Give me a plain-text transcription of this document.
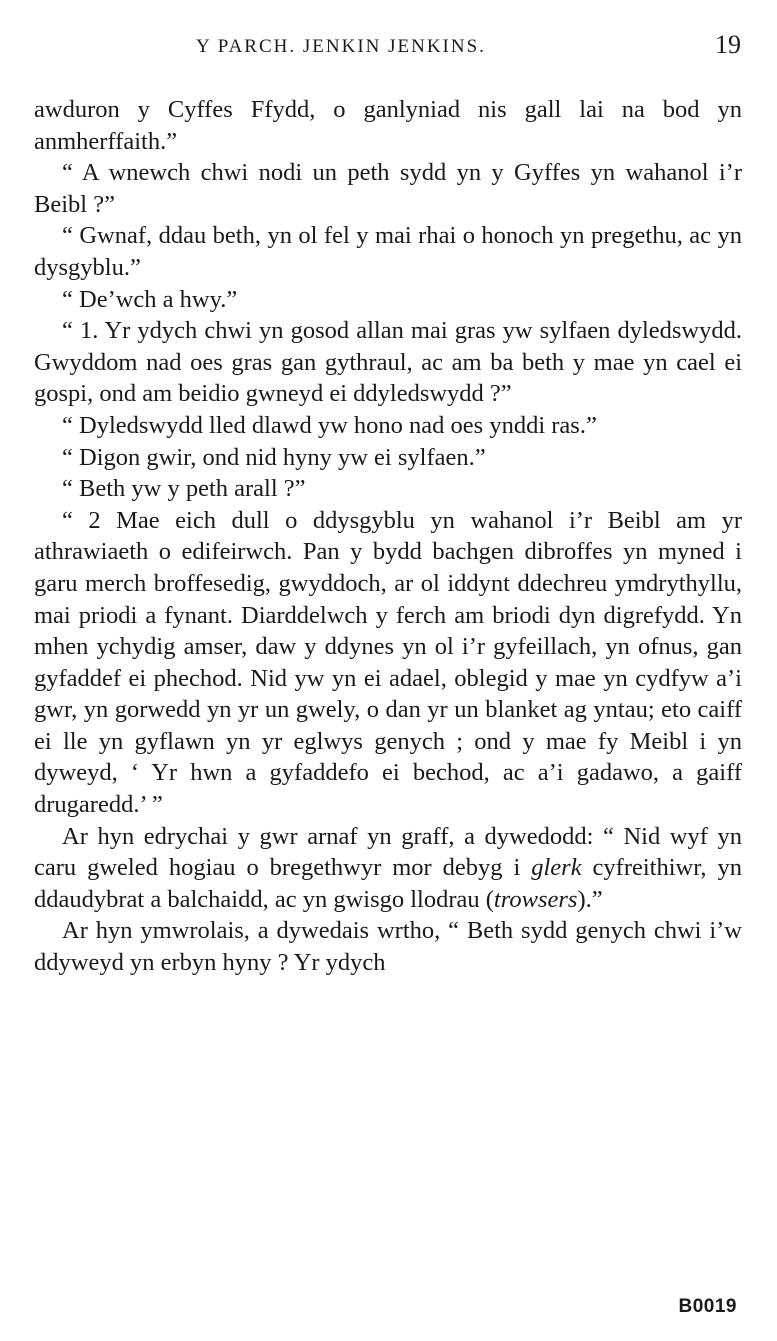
Y PARCH. JENKIN JENKINS.	19

awduron y Cyffes Ffydd, o ganlyniad nis gall lai na bod yn anmherffaith.”

“ A wnewch chwi nodi un peth sydd yn y Gyffes yn wahanol i’r Beibl ?”

“ Gwnaf, ddau beth, yn ol fel y mai rhai o honoch yn pregethu, ac yn dysgyblu.”

“ De’wch a hwy.”

“ 1. Yr ydych chwi yn gosod allan mai gras yw sylfaen dyledswydd. Gwyddom nad oes gras gan gythraul, ac am ba beth y mae yn cael ei gospi, ond am beidio gwneyd ei ddyledswydd ?”

“ Dyledswydd lled dlawd yw hono nad oes ynddi ras.”

“ Digon gwir, ond nid hyny yw ei sylfaen.”

“ Beth yw y peth arall ?”

“ 2 Mae eich dull o ddysgyblu yn wahanol i’r Beibl am yr athrawiaeth o edifeirwch. Pan y bydd bachgen dibroffes yn myned i garu merch broffesedig, gwyddoch, ar ol iddynt ddechreu ymdrythyllu, mai priodi a fynant. Diarddelwch y ferch am briodi dyn digrefydd. Yn mhen ychydig amser, daw y ddynes yn ol i’r gyfeillach, yn ofnus, gan gyfaddef ei phechod. Nid yw yn ei adael, oblegid y mae yn cydfyw a’i gwr, yn gorwedd yn yr un gwely, o dan yr un blanket ag yntau; eto caiff ei lle yn gyflawn yn yr eglwys genych ; ond y mae fy Meibl i yn dyweyd, ‘ Yr hwn a gyfaddefo ei bechod, ac a’i gadawo, a gaiff drugaredd.’ ”

Ar hyn edrychai y gwr arnaf yn graff, a dywedodd: “ Nid wyf yn caru gweled hogiau o bregethwyr mor debyg i glerk cyfreithiwr, yn ddaudybrat a balchaidd, ac yn gwisgo llodrau (trowsers).”

Ar hyn ymwrolais, a dywedais wrtho, “ Beth sydd genych chwi i’w ddyweyd yn erbyn hyny ? Yr ydych

B0019
